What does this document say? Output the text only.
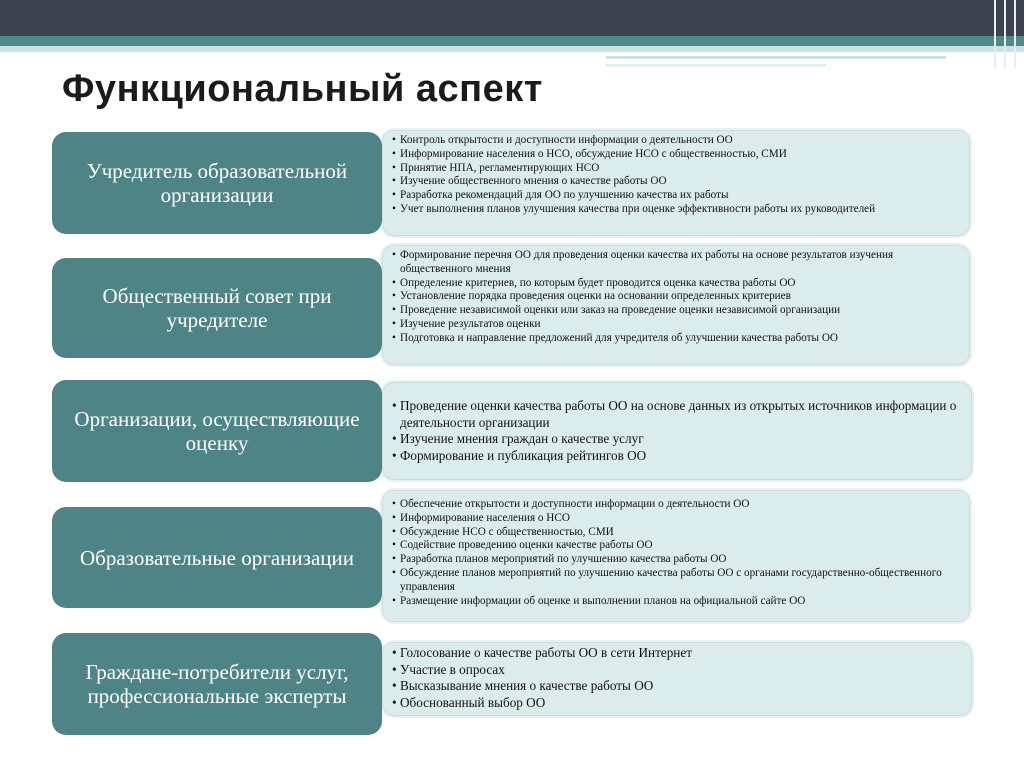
Функциональный аспект
• Контроль открытости и доступности информации о деятельности ОО
• Информирование населения о НСО, обсуждение НСО с общественностью, СМИ
• Принятие НПА, регламентирующих НСО
• Изучение общественного мнения о качестве работы ОО
• Разработка рекомендаций для ОО по улучшению качества их работы
• Учет выполнения планов улучшения качества при оценке эффективности работы их руководителей
Учредитель образовательной организации
• Формирование перечня ОО для проведения оценки качества их работы на основе результатов изучения общественного мнения
• Определение критериев, по которым будет проводится оценка качества работы ОО
• Установление порядка проведения оценки на основании определенных критериев
• Проведение независимой оценки или заказ на проведение оценки независимой организации
• Изучение результатов оценки
• Подготовка и направление предложений для учредителя об улучшении качества работы ОО
Общественный совет при учредителе
• Проведение оценки качества работы ОО на основе данных из открытых источников информации о деятельности организации
• Изучение мнения граждан о качестве услуг
• Формирование и публикация рейтингов ОО
Организации, осуществляющие оценку
• Обеспечение открытости и доступности информации о деятельности ОО
• Информирование населения о НСО
• Обсуждение НСО с общественностью, СМИ
• Содействие проведению оценки качестве работы ОО
• Разработка планов мероприятий по улучшению качества работы ОО
• Обсуждение планов мероприятий по улучшению качества работы ОО с органами государственно-общественного управления
• Размещение информации об оценке и выполнении планов на официальной сайте ОО
Образовательные организации
• Голосование о качестве работы ОО в сети Интернет
• Участие в опросах
• Высказывание мнения о качестве работы ОО
• Обоснованный выбор ОО
Граждане-потребители услуг, профессиональные эксперты
